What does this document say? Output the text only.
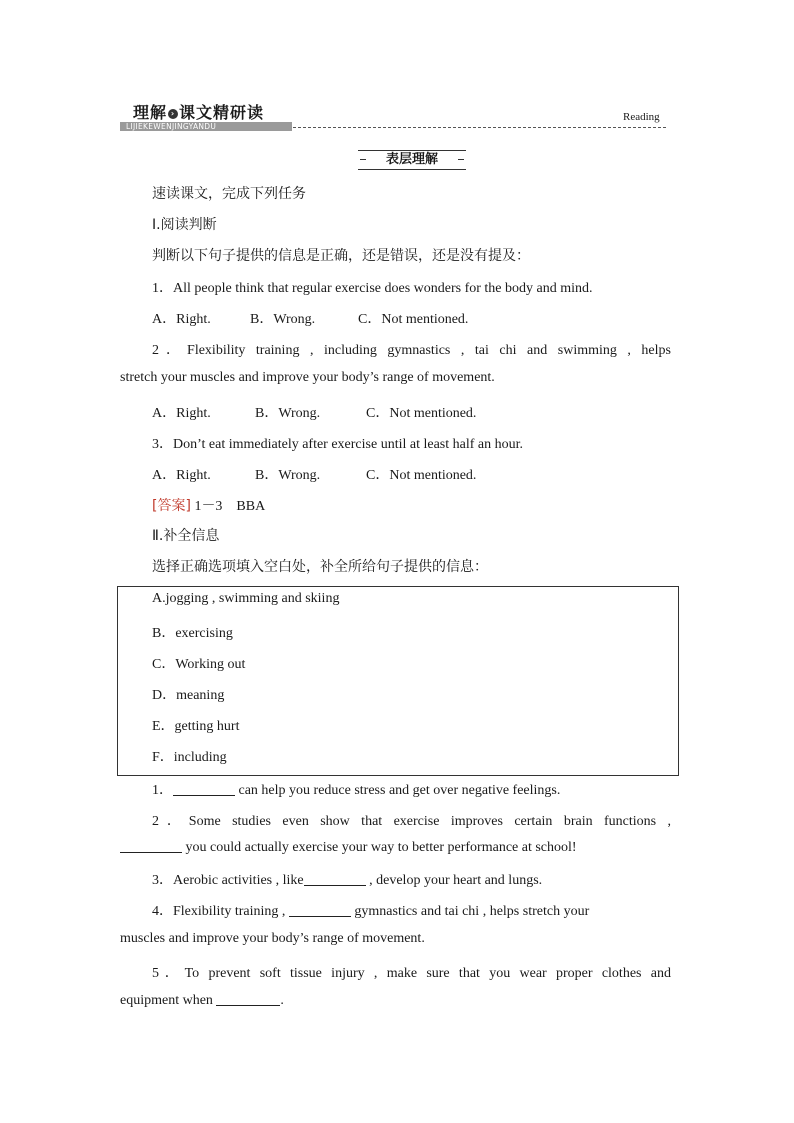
理解 › 课文精研读
LIJIEKEWENJINGYANDU
Reading
表层理解
速读课文，完成下列任务
Ⅰ.阅读判断
判断以下句子提供的信息是正确，还是错误，还是没有提及：
1．All people think that regular exercise does wonders for the body and mind.
A．Right.	B．Wrong.	C．Not mentioned.
2．Flexibility training , including gymnastics , tai chi and swimming , helps
stretch your muscles and improve your body’s range of movement.
A．Right.	B．Wrong.	C．Not mentioned.
3．Don’t eat immediately after exercise until at least half an hour.
A．Right.	B．Wrong.	C．Not mentioned.
[答案] 1－3　BBA
Ⅱ.补全信息
选择正确选项填入空白处，补全所给句子提供的信息：
A.jogging , swimming and skiing
B．exercising
C．Working out
D．meaning
E．getting hurt
F．including
1．	can help you reduce stress and get over negative feelings.
2．Some studies even show that exercise improves certain brain functions ,
you could actually exercise your way to better performance at school!
3．Aerobic activities , like	, develop your heart and lungs.
4．Flexibility training ,	gymnastics and tai chi , helps stretch your
muscles and improve your body’s range of movement.
5．To prevent soft tissue injury , make sure that you wear proper clothes and
equipment when	.
